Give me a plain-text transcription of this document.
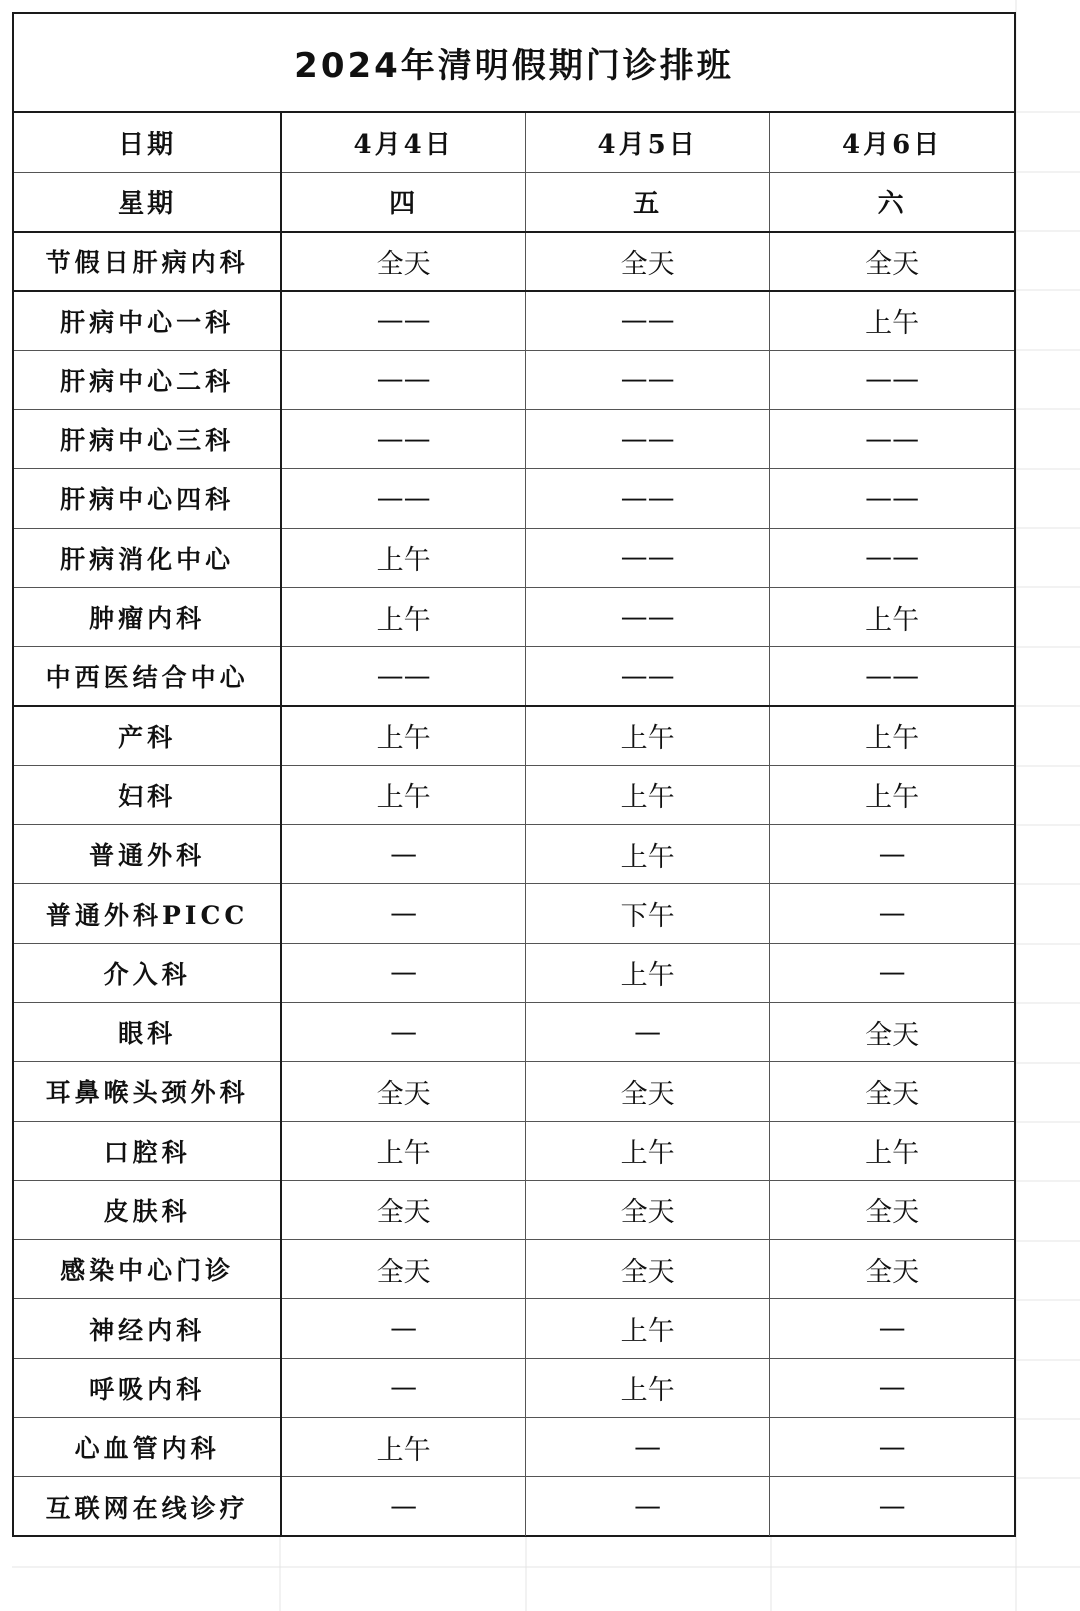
2024年清明假期门诊排班
日期	4月4日	4月5日	4月6日
星期	四	五	六
节假日肝病内科	全天	全天	全天
肝病中心一科	——	——	上午
肝病中心二科	——	——	——
肝病中心三科	——	——	——
肝病中心四科	——	——	——
肝病消化中心	上午	——	——
肿瘤内科	上午	——	上午
中西医结合中心	——	——	——
产科	上午	上午	上午
妇科	上午	上午	上午
普通外科	—	上午	—
普通外科PICC	—	下午	—
介入科	—	上午	—
眼科	—	—	全天
耳鼻喉头颈外科	全天	全天	全天
口腔科	上午	上午	上午
皮肤科	全天	全天	全天
感染中心门诊	全天	全天	全天
神经内科	—	上午	—
呼吸内科	—	上午	—
心血管内科	上午	—	—
互联网在线诊疗	—	—	—
